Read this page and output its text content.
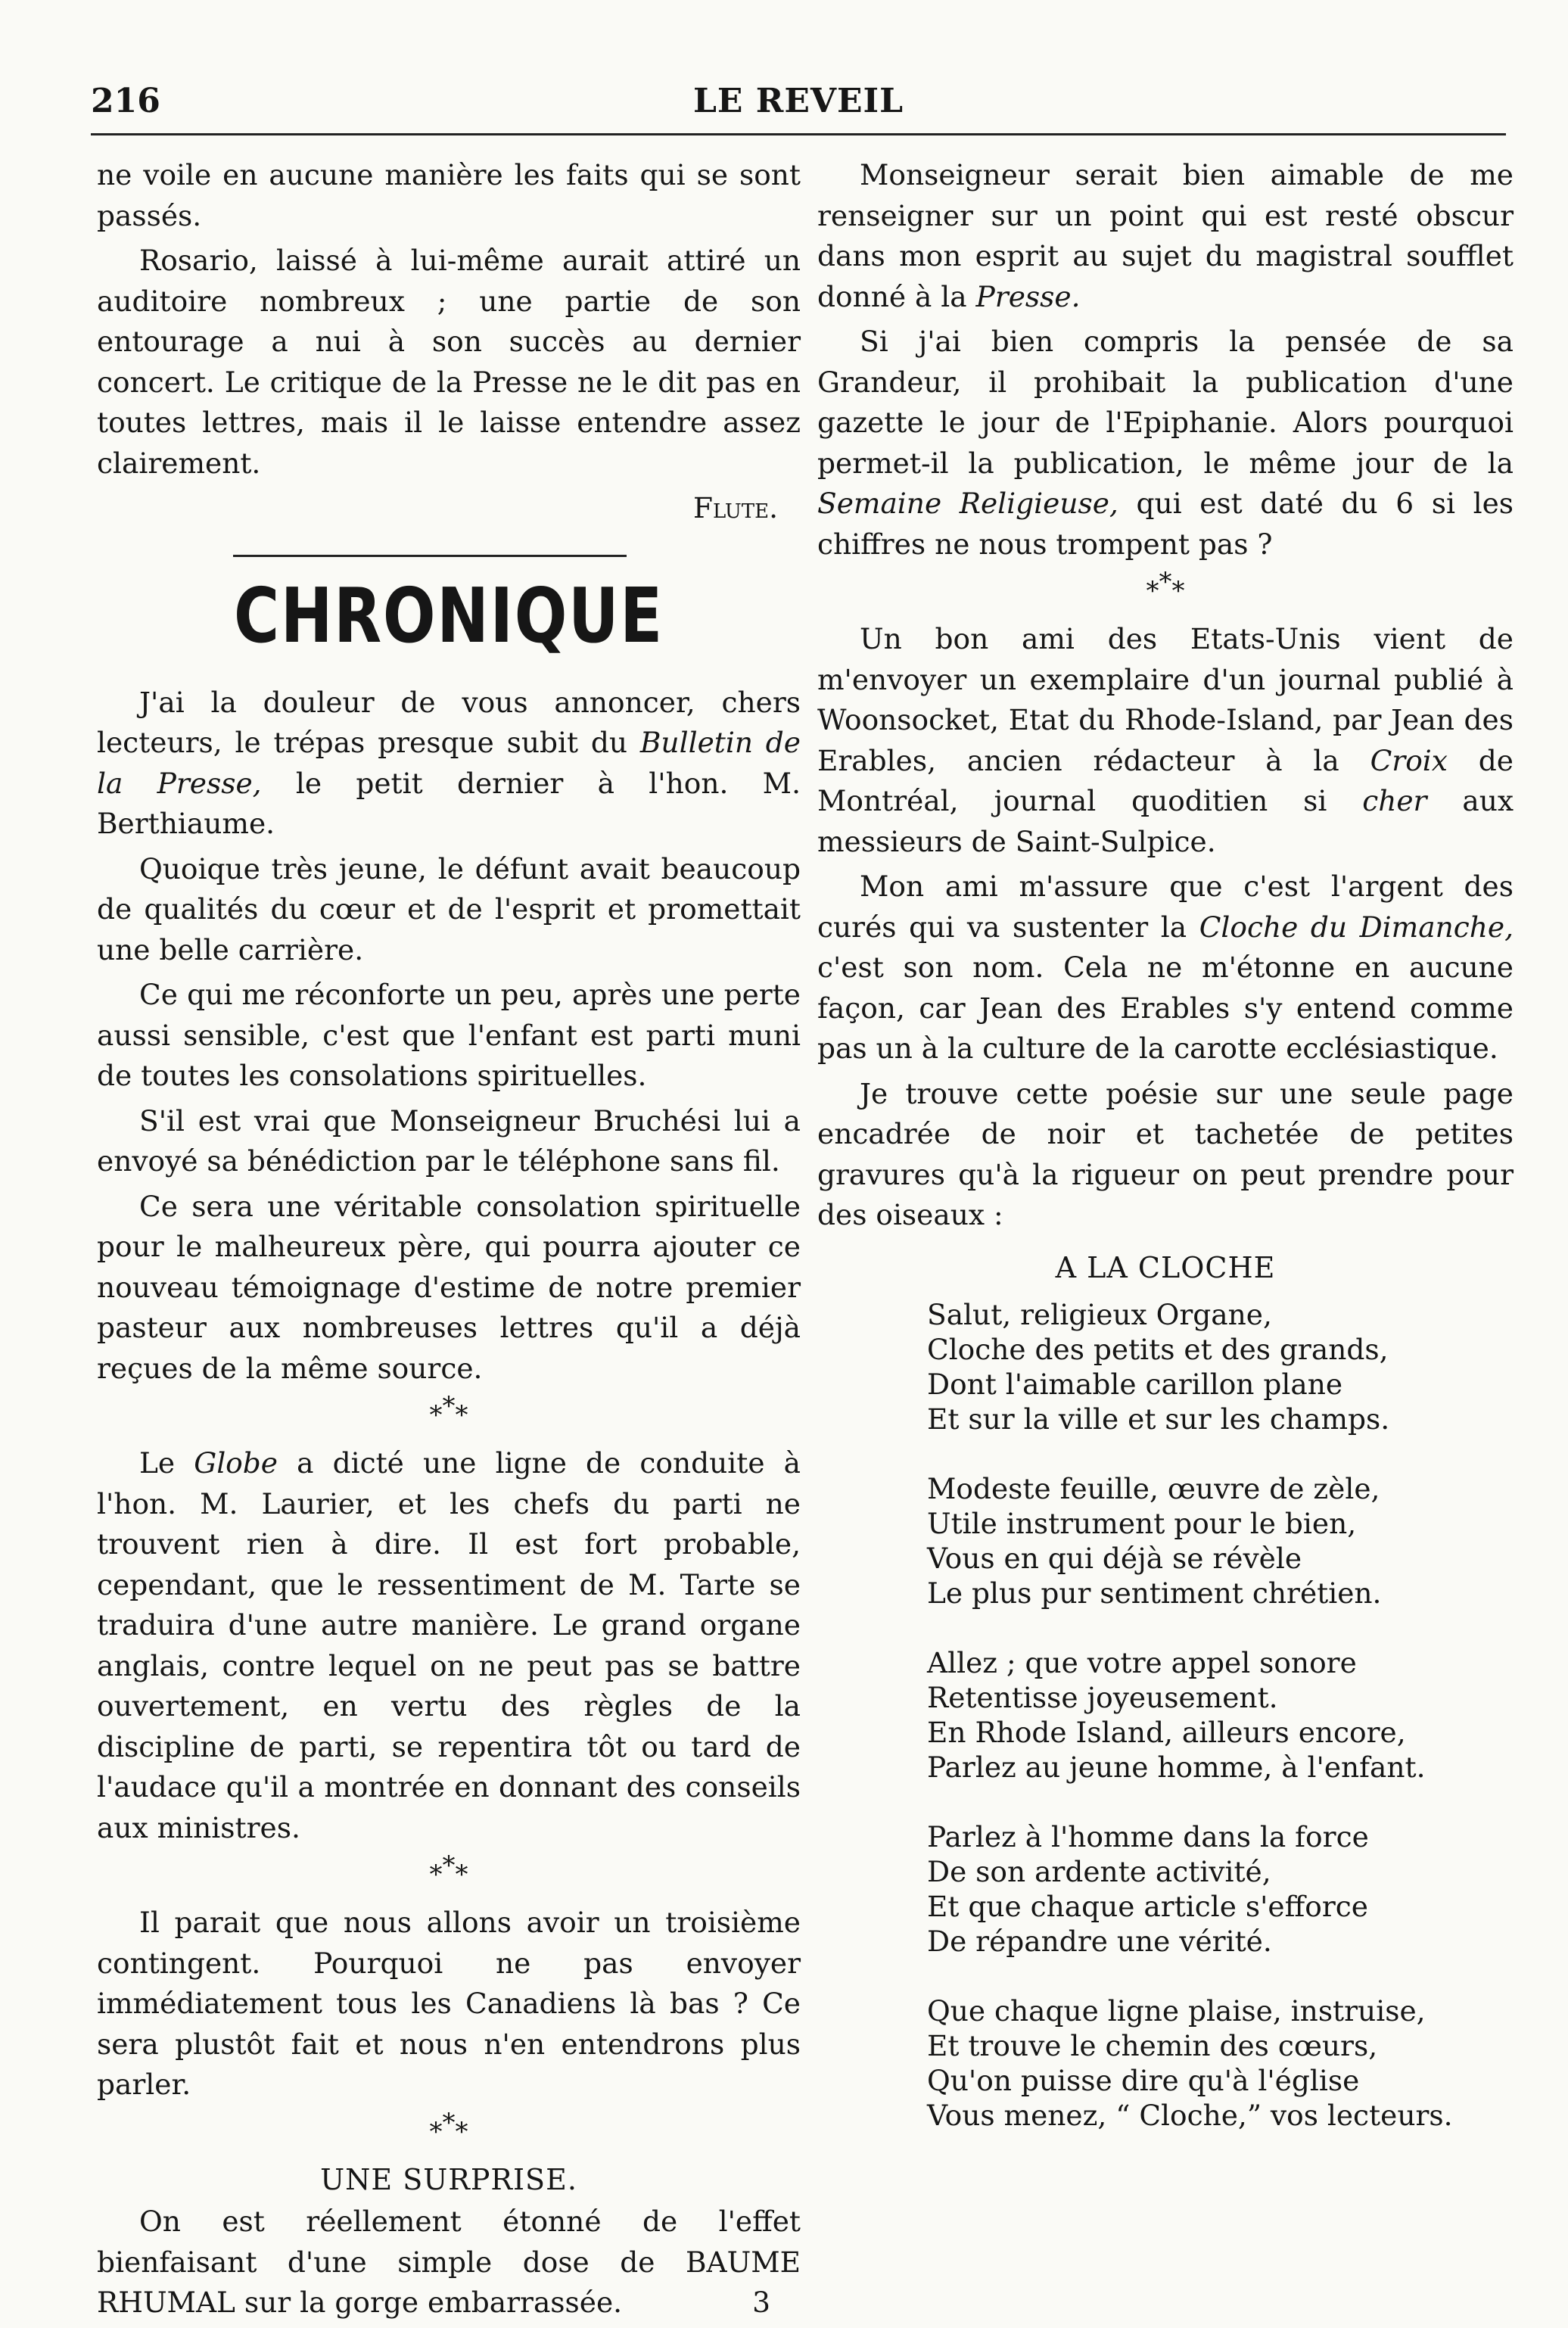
216	LE REVEIL

ne voile en aucune manière les faits qui se sont passés.

Rosario, laissé à lui-même aurait attiré un auditoire nombreux ; une partie de son entourage a nui à son succès au dernier concert. Le critique de la Presse ne le dit pas en toutes lettres, mais il le laisse entendre assez clairement.

Flute.
CHRONIQUE

J'ai la douleur de vous annoncer, chers lecteurs, le trépas presque subit du Bulletin de la Presse, le petit dernier à l'hon. M. Berthiaume.

Quoique très jeune, le défunt avait beaucoup de qualités du cœur et de l'esprit et promettait une belle carrière.

Ce qui me réconforte un peu, après une perte aussi sensible, c'est que l'enfant est parti muni de toutes les consolations spirituelles.

S'il est vrai que Monseigneur Bruchési lui a envoyé sa bénédiction par le téléphone sans fil.

Ce sera une véritable consolation spirituelle pour le malheureux père, qui pourra ajouter ce nouveau témoignage d'estime de notre premier pasteur aux nombreuses lettres qu'il a déjà reçues de la même source.

***

Le Globe a dicté une ligne de conduite à l'hon. M. Laurier, et les chefs du parti ne trouvent rien à dire. Il est fort probable, cependant, que le ressentiment de M. Tarte se traduira d'une autre manière. Le grand organe anglais, contre lequel on ne peut pas se battre ouvertement, en vertu des règles de la discipline de parti, se repentira tôt ou tard de l'audace qu'il a montrée en donnant des conseils aux ministres.

***

Il parait que nous allons avoir un troisième contingent. Pourquoi ne pas envoyer immédiatement tous les Canadiens là bas ? Ce sera plustôt fait et nous n'en entendrons plus parler.

***
UNE SURPRISE.

On est réellement étonné de l'effet bienfaisant d'une simple dose de BAUME RHUMAL sur la gorge embarrassée.	3

Monseigneur serait bien aimable de me renseigner sur un point qui est resté obscur dans mon esprit au sujet du magistral soufflet donné à la Presse.

Si j'ai bien compris la pensée de sa Grandeur, il prohibait la publication d'une gazette le jour de l'Epiphanie. Alors pourquoi permet-il la publication, le même jour de la Semaine Religieuse, qui est daté du 6 si les chiffres ne nous trompent pas ?

***

Un bon ami des Etats-Unis vient de m'envoyer un exemplaire d'un journal publié à Woonsocket, Etat du Rhode-Island, par Jean des Erables, ancien rédacteur à la Croix de Montréal, journal quoditien si cher aux messieurs de Saint-Sulpice.

Mon ami m'assure que c'est l'argent des curés qui va sustenter la Cloche du Dimanche, c'est son nom. Cela ne m'étonne en aucune façon, car Jean des Erables s'y entend comme pas un à la culture de la carotte ecclésiastique.

Je trouve cette poésie sur une seule page encadrée de noir et tachetée de petites gravures qu'à la rigueur on peut prendre pour des oiseaux :

A LA CLOCHE
Salut, religieux Organe,
Cloche des petits et des grands,
Dont l'aimable carillon plane
Et sur la ville et sur les champs.
Modeste feuille, œuvre de zèle,
Utile instrument pour le bien,
Vous en qui déjà se révèle
Le plus pur sentiment chrétien.
Allez ; que votre appel sonore
Retentisse joyeusement.
En Rhode Island, ailleurs encore,
Parlez au jeune homme, à l'enfant.
Parlez à l'homme dans la force
De son ardente activité,
Et que chaque article s'efforce
De répandre une vérité.
Que chaque ligne plaise, instruise,
Et trouve le chemin des cœurs,
Qu'on puisse dire qu'à l'église
Vous menez, “ Cloche,” vos lecteurs.
